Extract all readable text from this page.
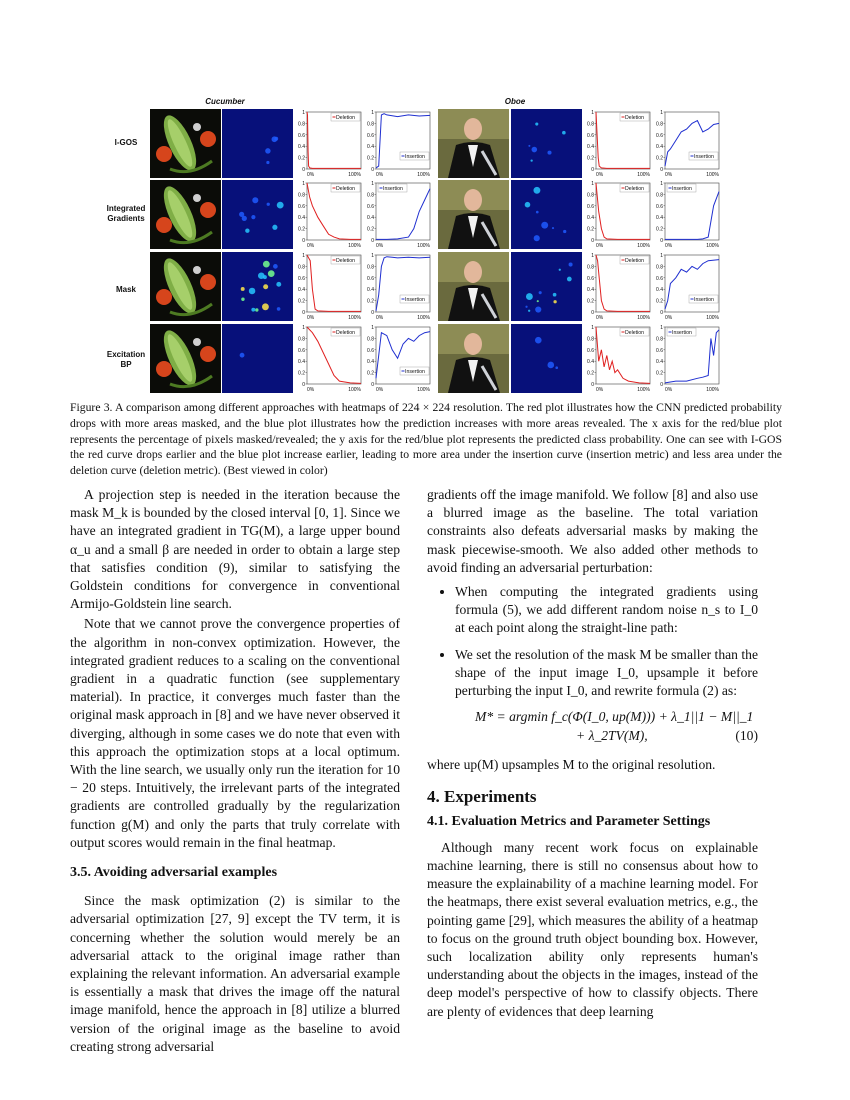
Cucumber	Oboe
I-GOS
Integrated
Gradients
Mask
Excitation
BP
1
0.8
0.6
0.4
0.2
0
0%	100%
Deletion
1
0.8
0.6
0.4
0.2
0
0%	100%
Insertion
1
0.8
0.6
0.4
0.2
0
0%	100%
Deletion
1
0.8
0.6
0.4
0.2
0
0%	100%
Insertion
1
0.8
0.6
0.4
0.2
0
0%	100%
Deletion
1
0.8
0.6
0.4
0.2
0
0%	100%
Insertion
1
0.8
0.6
0.4
0.2
0
0%	100%
Deletion
1
0.8
0.6
0.4
0.2
0
0%	100%
Insertion
1
0.8
0.6
0.4
0.2
0
0%	100%
Deletion
1
0.8
0.6
0.4
0.2
0
0%	100%
Insertion
1
0.8
0.6
0.4
0.2
0
0%	100%
Deletion
1
0.8
0.6
0.4
0.2
0
0%	100%
Insertion
1
0.8
0.6
0.4
0.2
0
0%	100%
Deletion
1
0.8
0.6
0.4
0.2
0
0%	100%
Insertion
1
0.8
0.6
0.4
0.2
0
0%	100%
Deletion
1
0.8
0.6
0.4
0.2
0
0%	100%
Insertion
Figure 3. A comparison among different approaches with heatmaps of 224 × 224 resolution. The red plot illustrates how the CNN predicted probability drops with more areas masked, and the blue plot illustrates how the prediction increases with more areas revealed. The x axis for the red/blue plot represents the percentage of pixels masked/revealed; the y axis for the red/blue plot represents the predicted class probability. One can see with I-GOS the red curve drops earlier and the blue plot increase earlier, leading to more area under the insertion curve (insertion metric) and less area under the deletion curve (deletion metric). (Best viewed in color)

A projection step is needed in the iteration because the mask M_k is bounded by the closed interval [0, 1]. Since we have an integrated gradient in TG(M), a large upper bound α_u and a small β are needed in order to obtain a large step that satisfies condition (9), similar to satisfying the Goldstein conditions for convergence in conventional Armijo-Goldstein line search.

Note that we cannot prove the convergence properties of the algorithm in non-convex optimization. However, the integrated gradient reduces to a scaling on the conventional gradient in a quadratic function (see supplementary material). In practice, it converges much faster than the original mask approach in [8] and we have never observed it diverging, although in some cases we do note that even with this approach the optimization stops at a local optimum. With the line search, we usually only run the iteration for 10 − 20 steps. Intuitively, the irrelevant parts of the integrated gradients are controlled gradually by the regularization function g(M) and only the parts that truly correlate with output scores would remain in the final heatmap.

3.5. Avoiding adversarial examples

Since the mask optimization (2) is similar to the adversarial optimization [27, 9] except the TV term, it is concerning whether the solution would merely be an adversarial attack to the original image rather than explaining the relevant information. An adversarial example is essentially a mask that drives the image off the natural image manifold, hence the approach in [8] utilize a blurred version of the original image as the baseline to avoid creating strong adversarial

gradients off the image manifold. We follow [8] and also use a blurred image as the baseline. The total variation constraints also defeats adversarial masks by making the mask piecewise-smooth. We also added other methods to avoid finding an adversarial perturbation:

• When computing the integrated gradients using formula (5), we add different random noise n_s to I_0 at each point along the straight-line path:
• We set the resolution of the mask M be smaller than the shape of the input image I_0, upsample it before perturbing the input I_0, and rewrite formula (2) as:
M* = argmin f_c(Φ(I_0, up(M))) + λ_1||1 − M||_1
+ λ_2TV(M),	(10)

where up(M) upsamples M to the original resolution.

4. Experiments
4.1. Evaluation Metrics and Parameter Settings

Although many recent work focus on explainable machine learning, there is still no consensus about how to measure the explainability of a machine learning model. For the heatmaps, there exist several evaluation metrics, e.g., the pointing game [29], which measures the ability of a heatmap to focus on the ground truth object bounding box. However, such localization ability only represents human's understanding about the objects in the images, instead of the deep model's perspective of how to classify objects. There are plenty of evidences that deep learning
